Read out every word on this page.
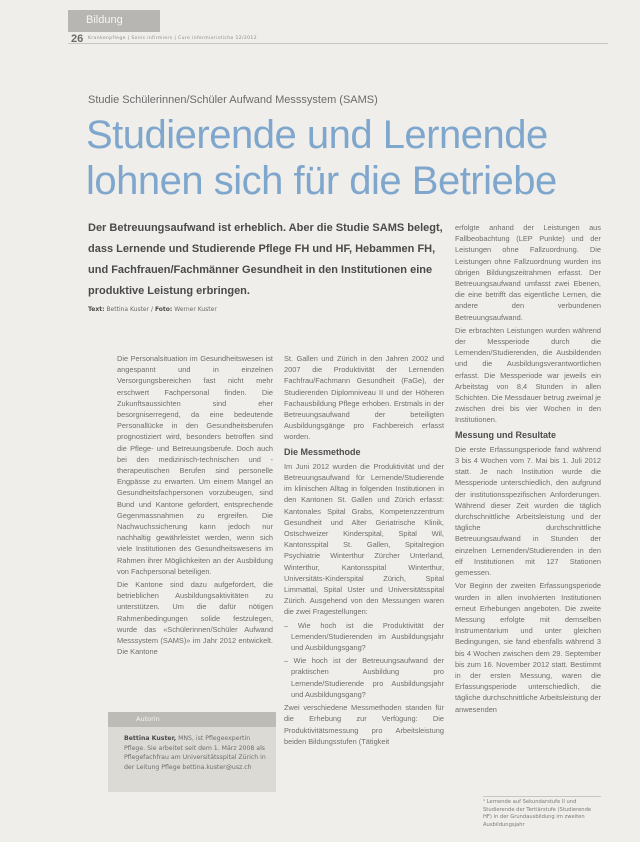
Bildung
26 Krankenpflege | Soins infirmiers | Cure infermieristiche 12/2012
Studie Schülerinnen/Schüler Aufwand Messsystem (SAMS)
Studierende und Lernende lohnen sich für die Betriebe
Der Betreuungsaufwand ist erheblich. Aber die Studie SAMS belegt, dass Lernende und Studierende Pflege FH und HF, Hebammen FH, und Fachfrauen/Fachmänner Gesundheit in den Institutionen eine produktive Leistung erbringen.
Text: Bettina Kuster / Foto: Werner Kuster

Die Personalsituation im Gesundheitswesen ist angespannt und in einzelnen Versorgungsbereichen fast nicht mehr erschwert Fachpersonal finden. Die Zukunftsaussichten sind eher besorgniserregend, da eine bedeutende Personallücke in den Gesundheitsberufen prognostiziert wird, besonders betroffen sind die Pflege- und Betreuungsberufe. Doch auch bei den medizinisch-technischen und -therapeutischen Berufen sind personelle Engpässe zu erwarten. Um einem Mangel an Gesundheitsfachpersonen vorzubeugen, sind Bund und Kantone gefordert, entsprechende Gegenmassnahmen zu ergreifen. Die Nachwuchssicherung kann jedoch nur nachhaltig gewährleistet werden, wenn sich viele Institutionen des Gesundheitswesens im Rahmen ihrer Möglichkeiten an der Ausbildung von Fachpersonal beteiligen.

Die Kantone sind dazu aufgefordert, die betrieblichen Ausbildungsaktivitäten zu unterstützen. Um die dafür nötigen Rahmenbedingungen solide festzulegen, wurde das «Schülerinnen/Schüler Aufwand Messsystem (SAMS)» im Jahr 2012 entwickelt. Die Kantone

St. Gallen und Zürich in den Jahren 2002 und 2007 die Produktivität der Lernenden Fachfrau/Fachmann Gesundheit (FaGe), der Studierenden Diplomniveau II und der Höheren Fachausbildung Pflege erhoben. Erstmals in der Betreuungsaufwand der beteiligten Ausbildungsgänge pro Fachbereich erfasst worden.

Die Messmethode

Im Juni 2012 wurden die Produktivität und der Betreuungsaufwand für Lernende/Studierende im klinischen Alltag in folgenden Institutionen in den Kantonen St. Gallen und Zürich erfasst: Kantonales Spital Grabs, Kompetenzzentrum Gesundheit und Alter Geriatrische Klinik, Ostschweizer Kinderspital, Spital Wil, Kantonsspital St. Gallen, Spitalregion Psychiatrie Winterthur Zürcher Unterland, Winterthur, Kantonsspital Winterthur, Universitäts-Kinderspital Zürich, Spital Limmattal, Spital Uster und Universitätsspital Zürich. Ausgehend von den Messungen waren die zwei Fragestellungen:

– Wie hoch ist die Produktivität der Lernenden/Studierenden im Ausbildungsjahr und Ausbildungsgang?

– Wie hoch ist der Betreuungsaufwand der praktischen Ausbildung pro Lernende/Studierende pro Ausbildungsjahr und Ausbildungsgang?

Zwei verschiedene Messmethoden standen für die Erhebung zur Verfügung: Die Produktivitätsmessung pro Arbeitsleistung beiden Bildungsstufen (Tätigkeit

erfolgte anhand der Leistungen aus Fallbeobachtung (LEP Punkte) und der Leistungen ohne Fallzuordnung. Die Leistungen ohne Fallzuordnung wurden ins übrigen Bildungszeitrahmen erfasst. Der Betreuungsaufwand umfasst zwei Ebenen, die eine betrifft das eigentliche Lernen, die andere den verbundenen Betreuungsaufwand.

Die erbrachten Leistungen wurden während der Messperiode durch die Lernenden/Studierenden, die Ausbildenden und die Ausbildungsverantwortlichen erfasst. Die Messperiode war jeweils ein Arbeitstag von 8,4 Stunden in allen Schichten. Die Messdauer betrug zweimal je zwischen drei bis vier Wochen in den Institutionen.

Messung und Resultate

Die erste Erfassungsperiode fand während 3 bis 4 Wochen vom 7. Mai bis 1. Juli 2012 statt. Je nach Institution wurde die Messperiode unterschiedlich, den aufgrund der institutionsspezifischen Anforderungen. Während dieser Zeit wurden die täglich durchschnittliche Arbeitsleistung und der tägliche durchschnittliche Betreuungsaufwand in Stunden der einzelnen Lernenden/Studierenden in den elf Institutionen mit 127 Stationen gemessen.

Vor Beginn der zweiten Erfassungsperiode wurden in allen involvierten Institutionen erneut Erhebungen angeboten. Die zweite Messung erfolgte mit demselben Instrumentarium und unter gleichen Bedingungen, sie fand ebenfalls während 3 bis 4 Wochen zwischen dem 29. September bis zum 16. November 2012 statt. Bestimmt in der ersten Messung, waren die Erfassungsperiode unterschiedlich, die tägliche durchschnittliche Arbeitsleistung der anwesenden

Autorin
Bettina Kuster, MNS, ist Pflegeexpertin Pflege. Sie arbeitet seit dem 1. März 2008 als Pflegefachfrau am Universitätsspital Zürich in der Leitung Pflege bettina.kuster@usz.ch
¹ Lernende auf Sekundarstufe II und Studierende der Tertiärstufe (Studierende HF) in der Grundausbildung im zweiten Ausbildungsjahr
